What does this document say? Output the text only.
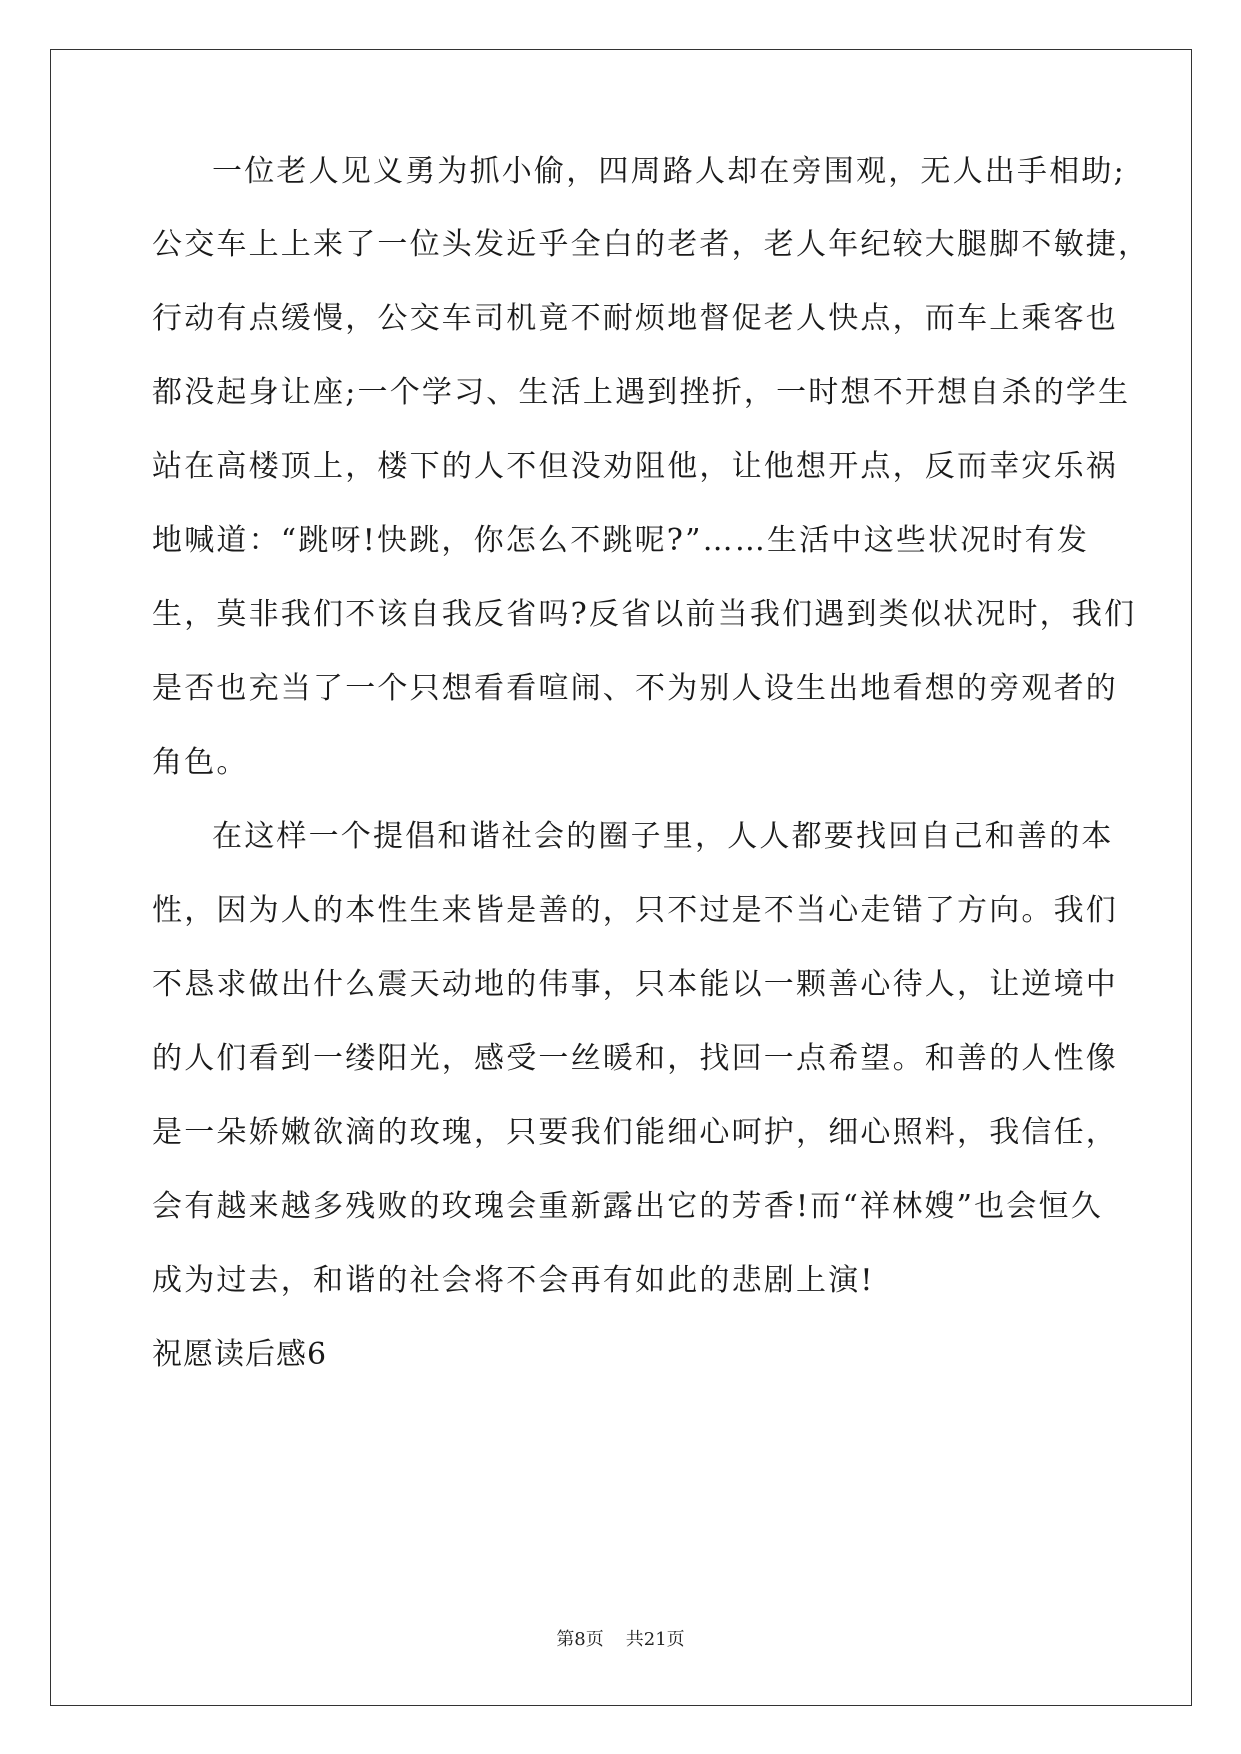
一位老人见义勇为抓小偷，四周路人却在旁围观，无人出手相助;
公交车上上来了一位头发近乎全白的老者，老人年纪较大腿脚不敏捷，
行动有点缓慢，公交车司机竟不耐烦地督促老人快点，而车上乘客也
都没起身让座;一个学习、生活上遇到挫折，一时想不开想自杀的学生
站在高楼顶上，楼下的人不但没劝阻他，让他想开点，反而幸灾乐祸
地喊道：“跳呀!快跳，你怎么不跳呢?”……生活中这些状况时有发
生，莫非我们不该自我反省吗?反省以前当我们遇到类似状况时，我们
是否也充当了一个只想看看喧闹、不为别人设生出地看想的旁观者的
角色。
在这样一个提倡和谐社会的圈子里，人人都要找回自己和善的本
性，因为人的本性生来皆是善的，只不过是不当心走错了方向。我们
不恳求做出什么震天动地的伟事，只本能以一颗善心待人，让逆境中
的人们看到一缕阳光，感受一丝暖和，找回一点希望。和善的人性像
是一朵娇嫩欲滴的玫瑰，只要我们能细心呵护，细心照料，我信任，
会有越来越多残败的玫瑰会重新露出它的芳香!而“祥林嫂”也会恒久
成为过去，和谐的社会将不会再有如此的悲剧上演!
祝愿读后感6
第8页 共21页
